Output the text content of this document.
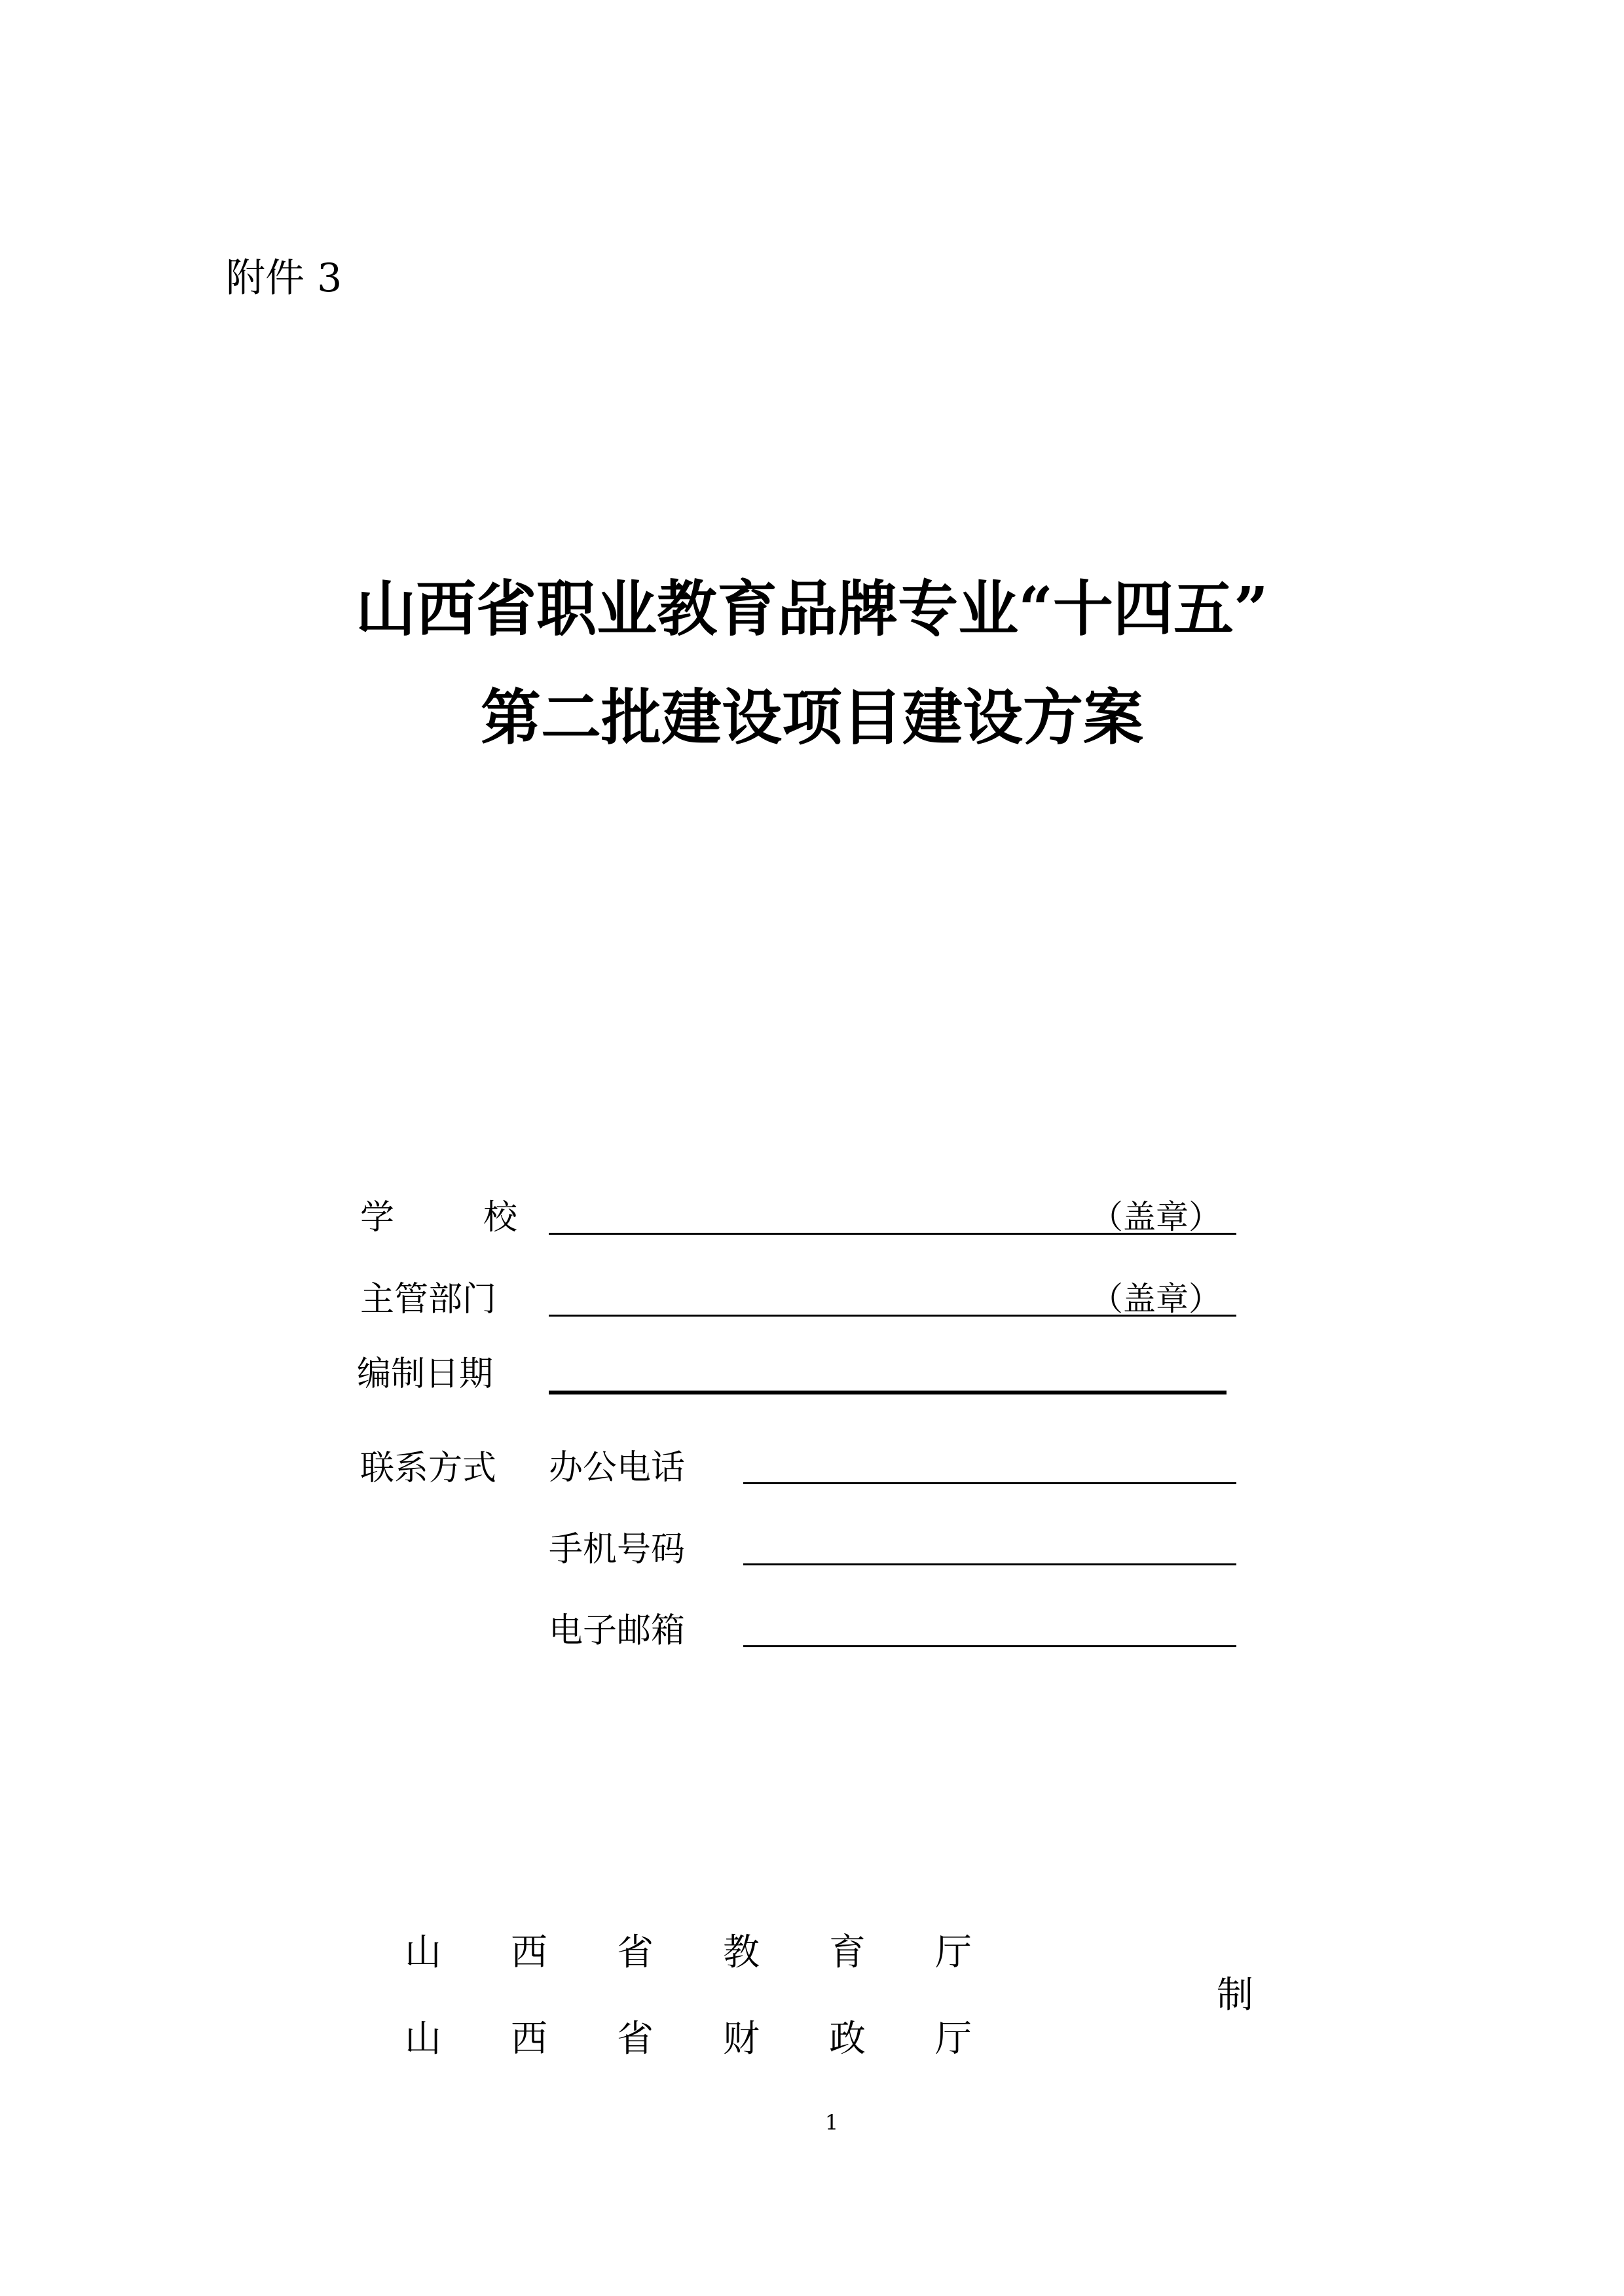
附件 3
山西省职业教育品牌专业“十四五”
第二批建设项目建设方案
学	校	（盖章）
主管部门	（盖章）
编制日期
联系方式 办公电话
手机号码
电子邮箱
山	西	省	教	育	厅
山	西	省	财	政	厅
制
1
